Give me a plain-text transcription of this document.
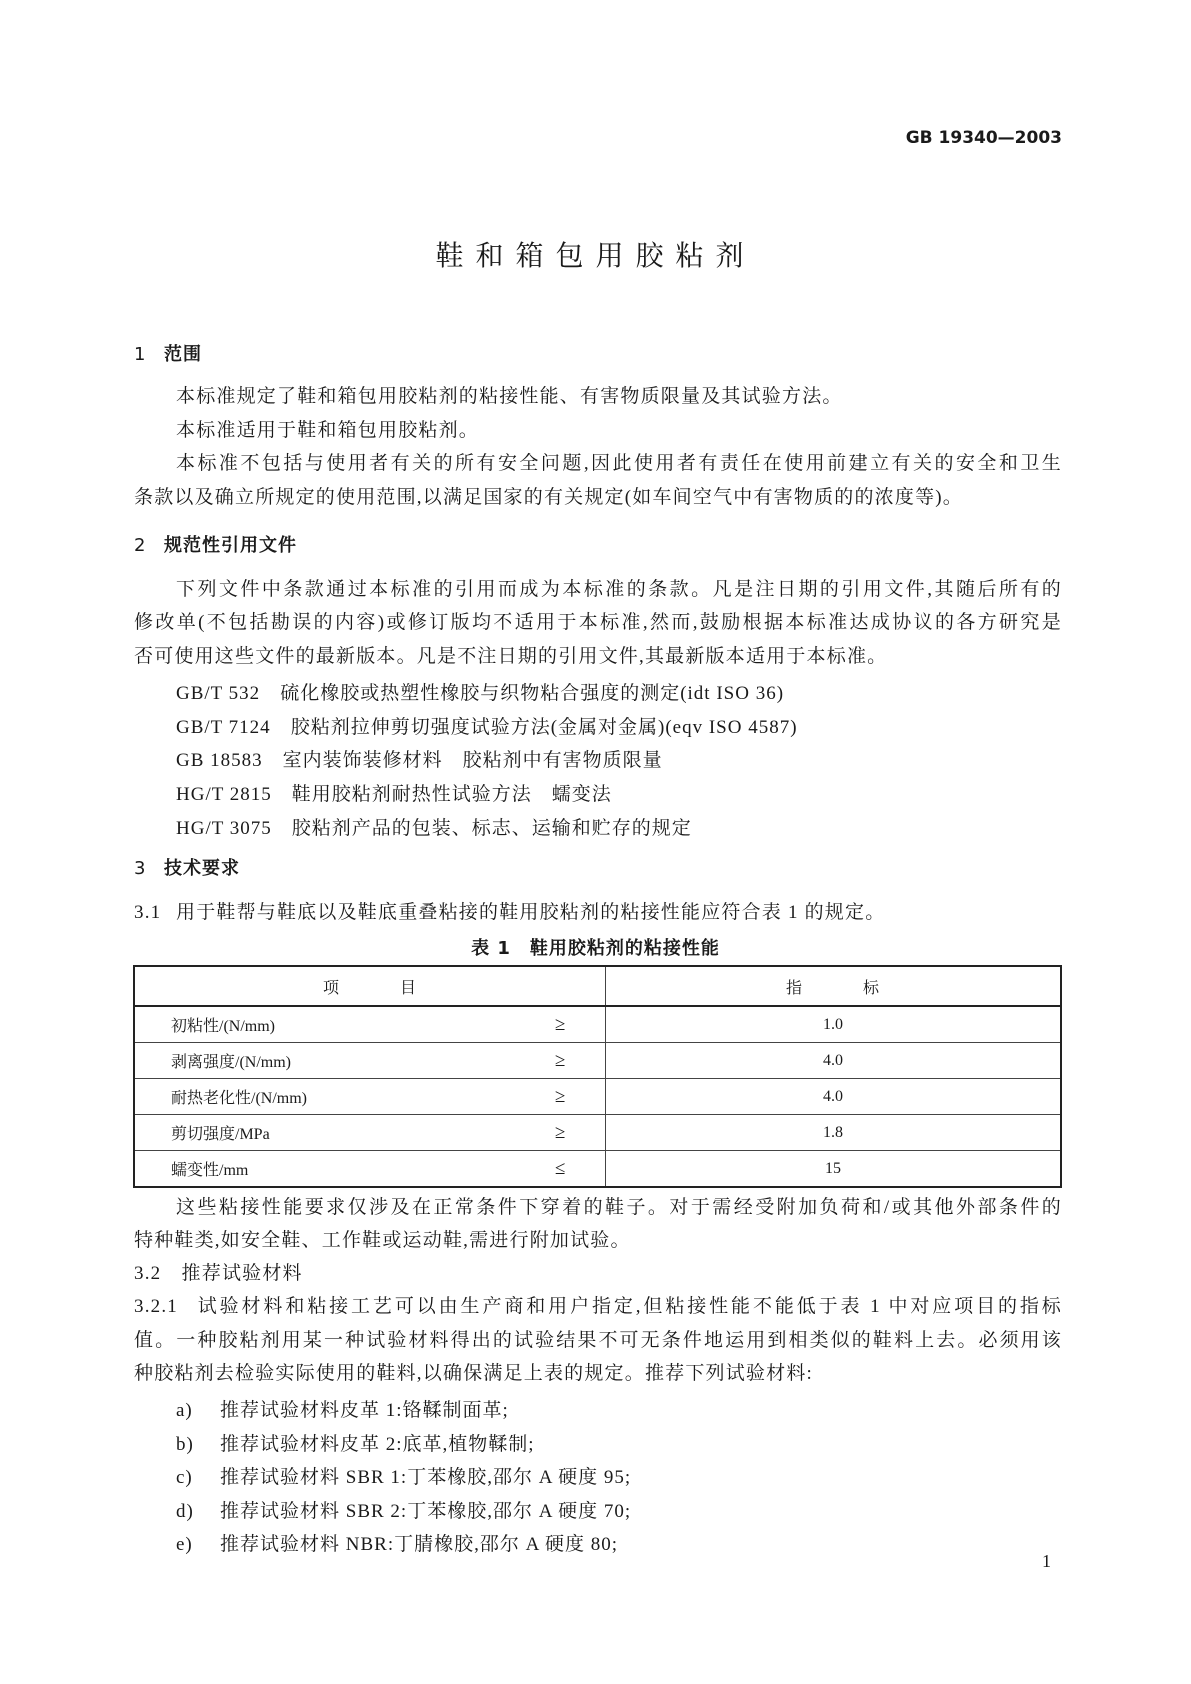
GB 19340—2003
鞋和箱包用胶粘剂
1 范围
本标准规定了鞋和箱包用胶粘剂的粘接性能、有害物质限量及其试验方法。
本标准适用于鞋和箱包用胶粘剂。
本标准不包括与使用者有关的所有安全问题,因此使用者有责任在使用前建立有关的安全和卫生
条款以及确立所规定的使用范围,以满足国家的有关规定(如车间空气中有害物质的的浓度等)。
2 规范性引用文件
下列文件中条款通过本标准的引用而成为本标准的条款。凡是注日期的引用文件,其随后所有的
修改单(不包括勘误的内容)或修订版均不适用于本标准,然而,鼓励根据本标准达成协议的各方研究是
否可使用这些文件的最新版本。凡是不注日期的引用文件,其最新版本适用于本标准。
GB/T 532 硫化橡胶或热塑性橡胶与织物粘合强度的测定(idt ISO 36)
GB/T 7124 胶粘剂拉伸剪切强度试验方法(金属对金属)(eqv ISO 4587)
GB 18583 室内装饰装修材料　胶粘剂中有害物质限量
HG/T 2815 鞋用胶粘剂耐热性试验方法　蠕变法
HG/T 3075 胶粘剂产品的包装、标志、运输和贮存的规定
3 技术要求
3.1 用于鞋帮与鞋底以及鞋底重叠粘接的鞋用胶粘剂的粘接性能应符合表 1 的规定。
表 1　鞋用胶粘剂的粘接性能
项 目	指 标
初粘性/(N/mm) ≥	1.0
剥离强度/(N/mm) ≥	4.0
耐热老化性/(N/mm) ≥	4.0
剪切强度/MPa ≥	1.8
蠕变性/mm ≤	15
这些粘接性能要求仅涉及在正常条件下穿着的鞋子。对于需经受附加负荷和/或其他外部条件的
特种鞋类,如安全鞋、工作鞋或运动鞋,需进行附加试验。
3.2　推荐试验材料
3.2.1 试验材料和粘接工艺可以由生产商和用户指定,但粘接性能不能低于表 1 中对应项目的指标
值。一种胶粘剂用某一种试验材料得出的试验结果不可无条件地运用到相类似的鞋料上去。必须用该
种胶粘剂去检验实际使用的鞋料,以确保满足上表的规定。推荐下列试验材料:
a) 推荐试验材料皮革 1:铬鞣制面革;
b) 推荐试验材料皮革 2:底革,植物鞣制;
c) 推荐试验材料 SBR 1:丁苯橡胶,邵尔 A 硬度 95;
d) 推荐试验材料 SBR 2:丁苯橡胶,邵尔 A 硬度 70;
e) 推荐试验材料 NBR:丁腈橡胶,邵尔 A 硬度 80;
1
